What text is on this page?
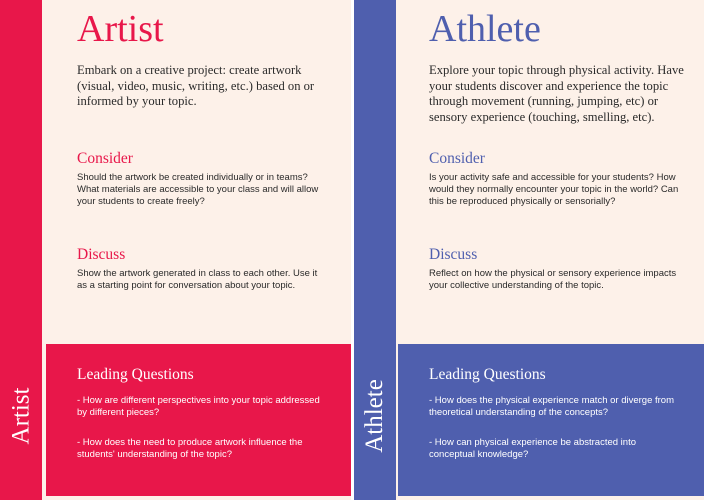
Artist
Artist
Embark on a creative project: create artwork (visual, video, music, writing, etc.) based on or informed by your topic.
Consider
Should the artwork be created individually or in teams? What materials are accessible to your class and will allow your students to create freely?
Discuss
Show the artwork generated in class to each other. Use it as a starting point for conversation about your topic.
Leading Questions
- How are different perspectives into your topic addressed by different pieces?
- How does the need to produce artwork influence the students' understanding of the topic?
Athlete
Athlete
Explore your topic through physical activity. Have your students discover and experience the topic through movement (running, jumping, etc) or sensory experience (touching, smelling, etc).
Consider
Is your activity safe and accessible for your students? How would they normally encounter your topic in the world? Can this be reproduced physically or sensorially?
Discuss
Reflect on how the physical or sensory experience impacts your collective understanding of the topic.
Leading Questions
- How does the physical experience match or diverge from theoretical understanding of the concepts?
- How can physical experience be abstracted into conceptual knowledge?
